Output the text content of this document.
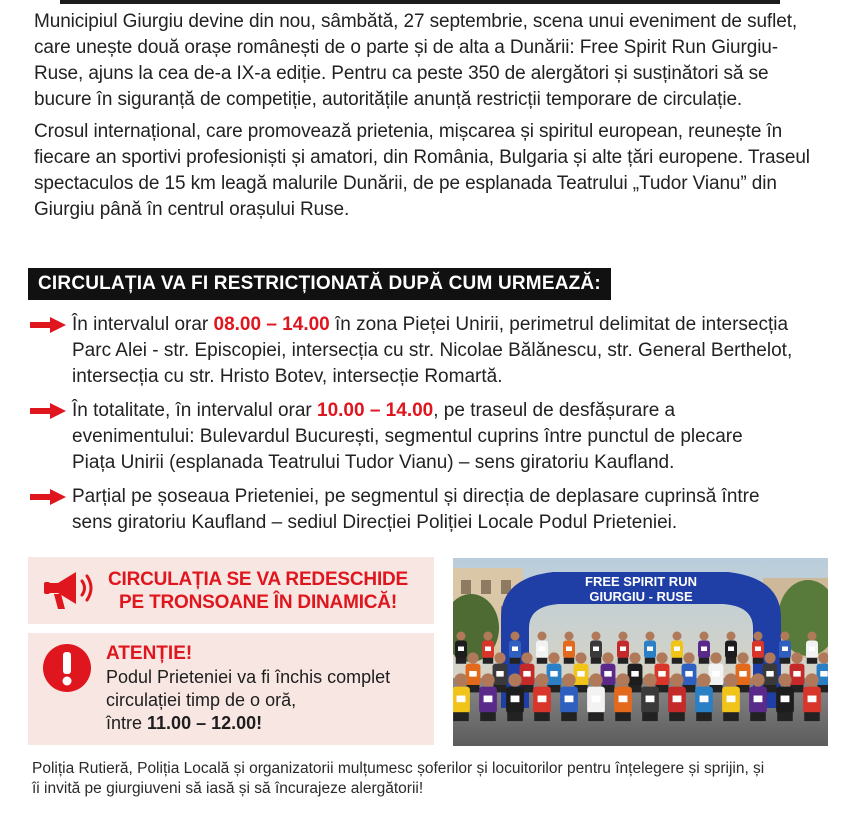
Municipiul Giurgiu devine din nou, sâmbătă, 27 septembrie, scena unui eveniment de suflet, care unește două orașe românești de o parte și de alta a Dunării: Free Spirit Run Giurgiu-Ruse, ajuns la cea de-a IX-a ediție. Pentru ca peste 350 de alergători și susținători să se bucure în siguranță de competiție, autoritățile anunță restricții temporare de circulație.

Crosul internațional, care promovează prietenia, mișcarea și spiritul european, reunește în fiecare an sportivi profesioniști și amatori, din România, Bulgaria și alte țări europene. Traseul spectaculos de 15 km leagă malurile Dunării, de pe esplanada Teatrului „Tudor Vianu” din Giurgiu până în centrul orașului Ruse.

CIRCULAȚIA VA FI RESTRICȚIONATĂ DUPĂ CUM URMEAZĂ:
În intervalul orar 08.00 – 14.00 în zona Pieței Unirii, perimetrul delimitat de intersecția Parc Alei - str. Episcopiei, intersecția cu str. Nicolae Bălănescu, str. General Berthelot, intersecția cu str. Hristo Botev, intersecție Romartă.
În totalitate, în intervalul orar 10.00 – 14.00, pe traseul de desfășurare a evenimentului: Bulevardul București, segmentul cuprins între punctul de plecare Piața Unirii (esplanada Teatrului Tudor Vianu) – sens giratoriu Kaufland.
Parțial pe șoseaua Prieteniei, pe segmentul și direcția de deplasare cuprinsă între sens giratoriu Kaufland – sediul Direcției Poliției Locale Podul Prieteniei.
CIRCULAȚIA SE VA REDESCHIDE
PE TRONSOANE ÎN DINAMICĂ!
ATENȚIE!
Podul Prieteniei va fi închis complet
circulației timp de o oră,
între 11.00 – 12.00!
FREE SPIRIT RUN
GIURGIU - RUSE
Poliția Rutieră, Poliția Locală și organizatorii mulțumesc șoferilor și locuitorilor pentru înțelegere și sprijin, și îi invită pe giurgiuveni să iasă și să încurajeze alergătorii!
